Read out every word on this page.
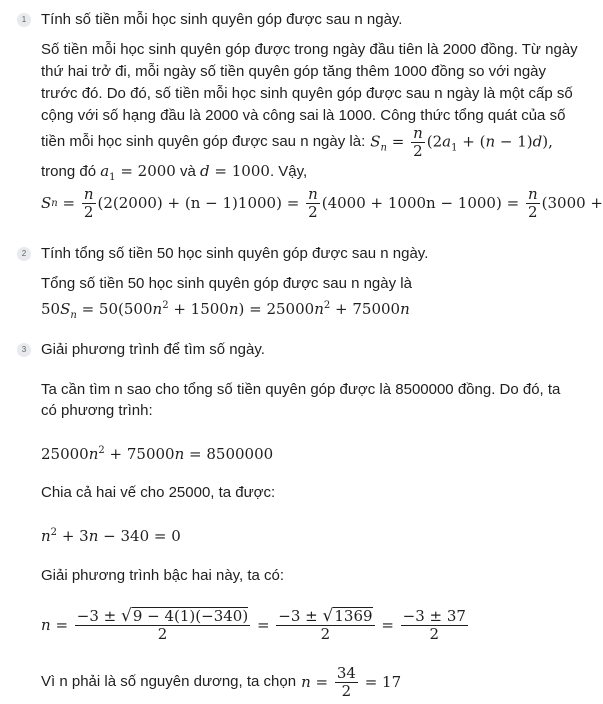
1 Tính số tiền mỗi học sinh quyên góp được sau n ngày.
Số tiền mỗi học sinh quyên góp được trong ngày đầu tiên là 2000 đồng. Từ ngày
thứ hai trở đi, mỗi ngày số tiền quyên góp tăng thêm 1000 đồng so với ngày
trước đó. Do đó, số tiền mỗi học sinh quyên góp được sau n ngày là một cấp số
cộng với số hạng đầu là 2000 và công sai là 1000. Công thức tổng quát của số
tiền mỗi học sinh quyên góp được sau n ngày là: $S_n = \frac{n}{2} (2a_1 + (n - 1)d)$,
trong đó $a_1 = 2000$ và d = 1000. Vậy,
S $n = \frac{n}{2} (2(2000) + (n - 1)1000)$ =
$\frac{n}{2} (4000 + 1000n - 1000)$ =
$\frac{n}{2} (3000$ +
2 Tính tổng số tiền 50 học sinh quyên góp được sau n ngày.
Tổng số tiền 50 học sinh quyên góp được sau n ngày là
$50S_n = 50(500n^2 + 1500n) = 25000n^2 + 75000n$
3 Giải phương trình để tìm số ngày.
Ta cần tìm n sao cho tổng số tiền quyên góp được là 8500000 đồng. Do đó, ta
có phương trình:
$25000n^2 + 75000n = 8500000$
Chia cả hai vế cho 25000, ta được:
$n^2 + 3n - 340 = 0$
Giải phương trình bậc hai này, ta có:
$n = \frac{-3 \pm √9 - 4(1)(-340)}{2} = \frac{-3 \pm √1369}{2} = \frac{-3 \pm 37}{2}$
Vì n phải là số nguyên dương, ta chọn $n = \frac{34}{2} = 17$
